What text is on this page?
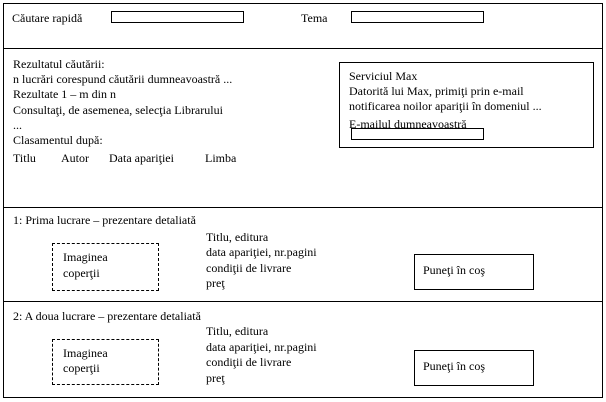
Căutare rapidă	Tema
Rezultatul căutării:
n lucrări corespund căutării dumneavoastră ...
Rezultate 1 – m din n
Consultaţi, de asemenea, selecţia Librarului
...
Clasamentul după:
Titlu Autor Data apariţiei	Limba
Serviciul Max
Datorită lui Max, primiţi prin e-mail
notificarea noilor apariţii în domeniul ...
E-mailul dumneavoastră
1: Prima lucrare – prezentare detaliată
Imaginea
coperţii
Titlu, editura
data apariţiei, nr.pagini
condiţii de livrare
preţ
Puneţi în coş
2: A doua lucrare – prezentare detaliată
Imaginea
coperţii
Titlu, editura
data apariţiei, nr.pagini
condiţii de livrare
preţ
Puneţi în coş
